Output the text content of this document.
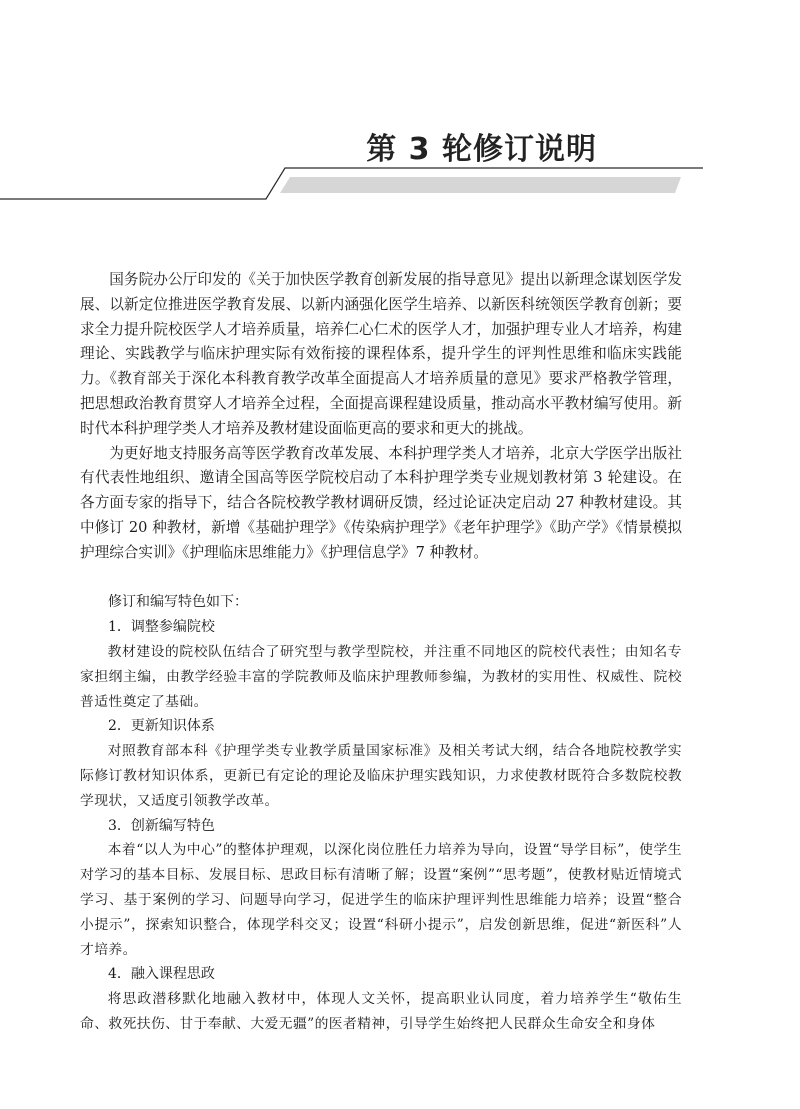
第 3 轮修订说明

国务院办公厅印发的《关于加快医学教育创新发展的指导意见》提出以新理念谋划医学发展、以新定位推进医学教育发展、以新内涵强化医学生培养、以新医科统领医学教育创新；要求全力提升院校医学人才培养质量，培养仁心仁术的医学人才，加强护理专业人才培养，构建理论、实践教学与临床护理实际有效衔接的课程体系，提升学生的评判性思维和临床实践能力。《教育部关于深化本科教育教学改革全面提高人才培养质量的意见》要求严格教学管理，把思想政治教育贯穿人才培养全过程，全面提高课程建设质量，推动高水平教材编写使用。新时代本科护理学类人才培养及教材建设面临更高的要求和更大的挑战。

为更好地支持服务高等医学教育改革发展、本科护理学类人才培养，北京大学医学出版社有代表性地组织、邀请全国高等医学院校启动了本科护理学类专业规划教材第 3 轮建设。在各方面专家的指导下，结合各院校教学教材调研反馈，经过论证决定启动 27 种教材建设。其中修订 20 种教材，新增《基础护理学》《传染病护理学》《老年护理学》《助产学》《情景模拟护理综合实训》《护理临床思维能力》《护理信息学》7 种教材。

修订和编写特色如下：

1．调整参编院校

教材建设的院校队伍结合了研究型与教学型院校，并注重不同地区的院校代表性；由知名专家担纲主编，由教学经验丰富的学院教师及临床护理教师参编，为教材的实用性、权威性、院校普适性奠定了基础。

2．更新知识体系

对照教育部本科《护理学类专业教学质量国家标准》及相关考试大纲，结合各地院校教学实际修订教材知识体系，更新已有定论的理论及临床护理实践知识，力求使教材既符合多数院校教学现状，又适度引领教学改革。

3．创新编写特色

本着“以人为中心”的整体护理观，以深化岗位胜任力培养为导向，设置“导学目标”，使学生对学习的基本目标、发展目标、思政目标有清晰了解；设置“案例”“思考题”，使教材贴近情境式学习、基于案例的学习、问题导向学习，促进学生的临床护理评判性思维能力培养；设置“整合小提示”，探索知识整合，体现学科交叉；设置“科研小提示”，启发创新思维，促进“新医科”人才培养。

4．融入课程思政

将思政潜移默化地融入教材中，体现人文关怀，提高职业认同度，着力培养学生“敬佑生命、救死扶伤、甘于奉献、大爱无疆”的医者精神，引导学生始终把人民群众生命安全和身体
